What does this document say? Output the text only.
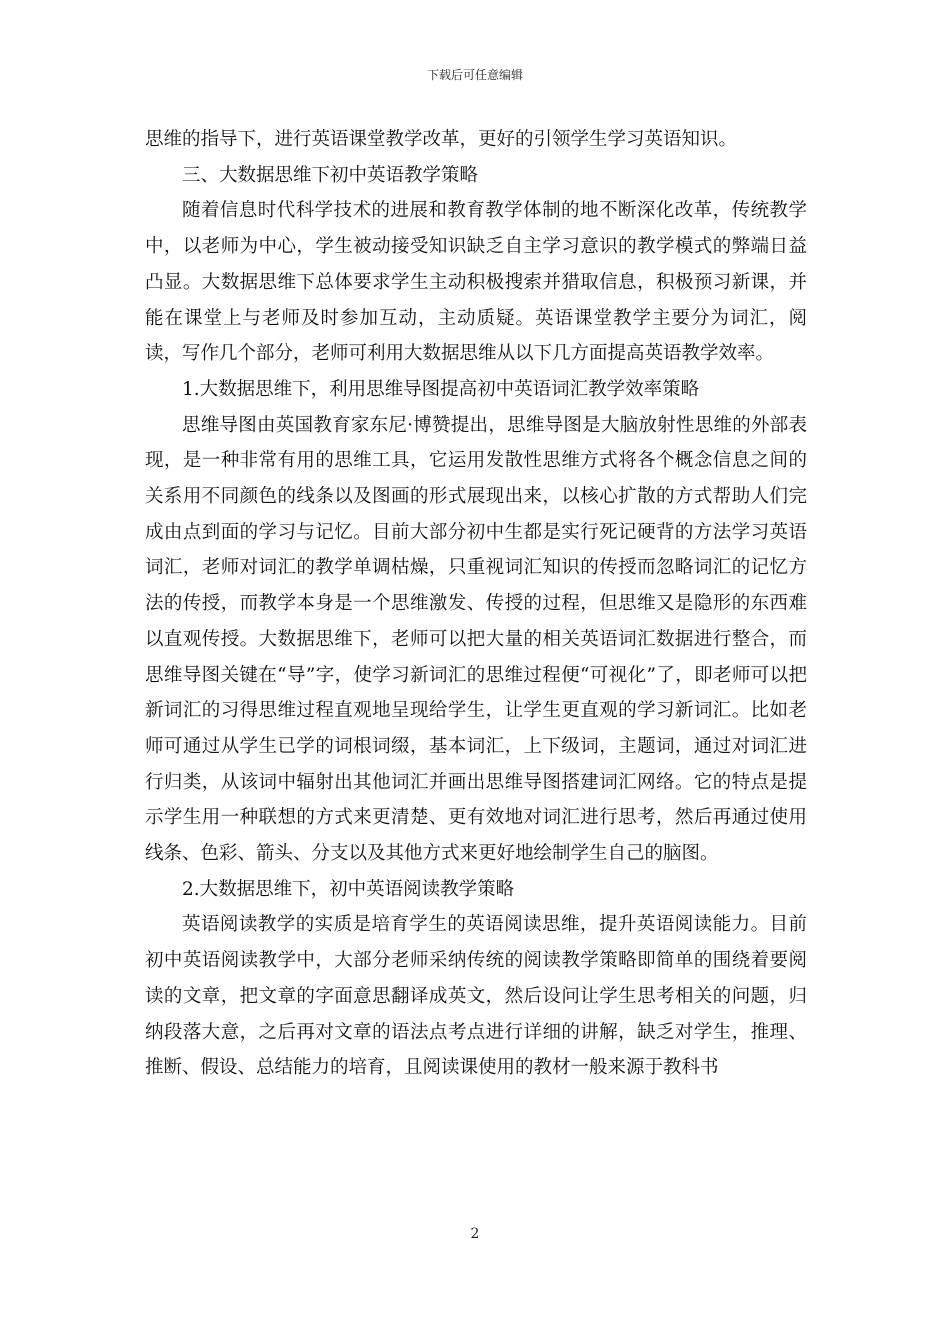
下载后可任意编辑

思维的指导下，进行英语课堂教学改革，更好的引领学生学习英语知识。

三、大数据思维下初中英语教学策略

随着信息时代科学技术的进展和教育教学体制的地不断深化改革，传统教学中，以老师为中心，学生被动接受知识缺乏自主学习意识的教学模式的弊端日益凸显。大数据思维下总体要求学生主动积极搜索并猎取信息，积极预习新课，并能在课堂上与老师及时参加互动，主动质疑。英语课堂教学主要分为词汇，阅读，写作几个部分，老师可利用大数据思维从以下几方面提高英语教学效率。

1.大数据思维下，利用思维导图提高初中英语词汇教学效率策略

思维导图由英国教育家东尼·博赞提出，思维导图是大脑放射性思维的外部表现，是一种非常有用的思维工具，它运用发散性思维方式将各个概念信息之间的关系用不同颜色的线条以及图画的形式展现出来，以核心扩散的方式帮助人们完成由点到面的学习与记忆。目前大部分初中生都是实行死记硬背的方法学习英语词汇，老师对词汇的教学单调枯燥，只重视词汇知识的传授而忽略词汇的记忆方法的传授，而教学本身是一个思维激发、传授的过程，但思维又是隐形的东西难以直观传授。大数据思维下，老师可以把大量的相关英语词汇数据进行整合，而思维导图关键在“导”字，使学习新词汇的思维过程便“可视化”了，即老师可以把新词汇的习得思维过程直观地呈现给学生，让学生更直观的学习新词汇。比如老师可通过从学生已学的词根词缀，基本词汇，上下级词，主题词，通过对词汇进行归类，从该词中辐射出其他词汇并画出思维导图搭建词汇网络。它的特点是提示学生用一种联想的方式来更清楚、更有效地对词汇进行思考，然后再通过使用线条、色彩、箭头、分支以及其他方式来更好地绘制学生自己的脑图。

2.大数据思维下，初中英语阅读教学策略

英语阅读教学的实质是培育学生的英语阅读思维，提升英语阅读能力。目前初中英语阅读教学中，大部分老师采纳传统的阅读教学策略即简单的围绕着要阅读的文章，把文章的字面意思翻译成英文，然后设问让学生思考相关的问题，归纳段落大意，之后再对文章的语法点考点进行详细的讲解，缺乏对学生，推理、推断、假设、总结能力的培育，且阅读课使用的教材一般来源于教科书

2
